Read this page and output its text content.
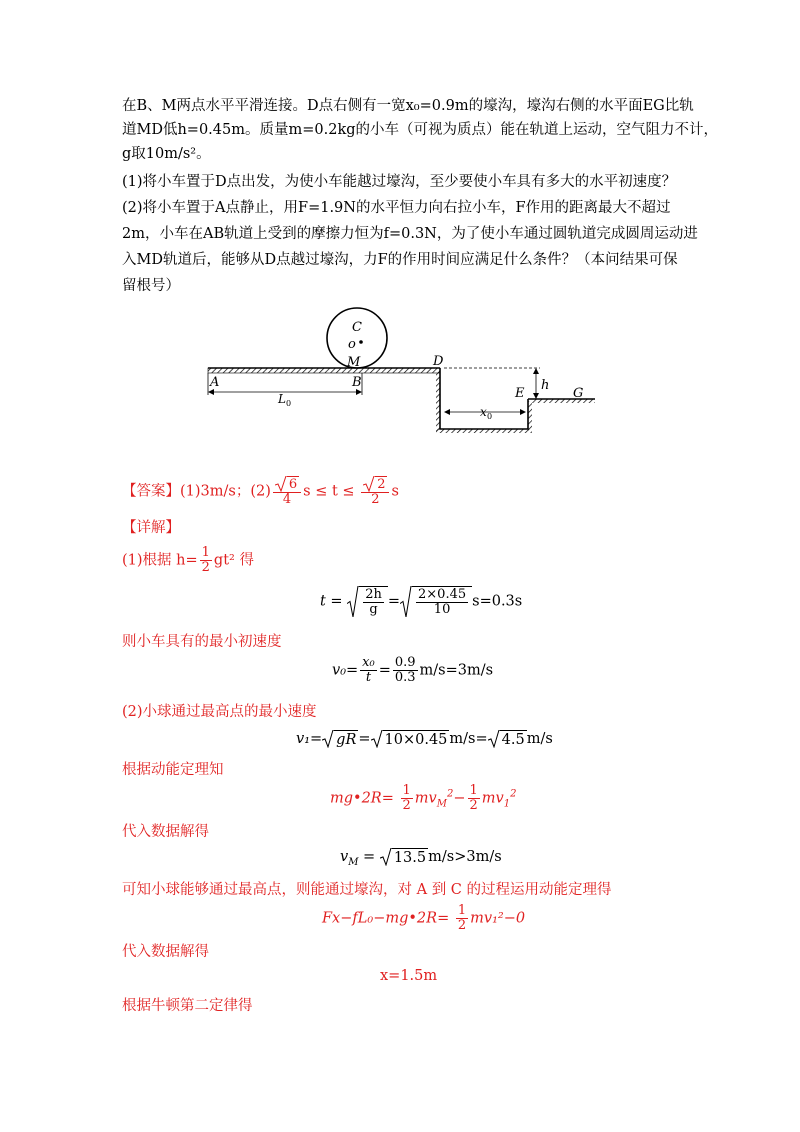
在B、M两点水平平滑连接。D点右侧有一宽x₀=0.9m的壕沟，壕沟右侧的水平面EG比轨
道MD低h=0.45m。质量m=0.2kg的小车（可视为质点）能在轨道上运动，空气阻力不计，
g取10m/s²。
(1)将小车置于D点出发，为使小车能越过壕沟，至少要使小车具有多大的水平初速度？
(2)将小车置于A点静止，用F=1.9N的水平恒力向右拉小车，F作用的距离最大不超过
2m，小车在AB轨道上受到的摩擦力恒为f=0.3N，为了使小车通过圆轨道完成圆周运动进
入MD轨道后，能够从D点越过壕沟，力F的作用时间应满足什么条件？（本问结果可保
留根号）
C
o
M
B
A
D
h
E	G
L 0
x 0
【答案】(1)3m/s；$(2) \frac{6}{4}$ $s \le t \le \frac{2}{2}$ s
【详解】
(1)根据 $h= \frac{1}{2} gt^2$ 得
$t = \frac{2h}{g} = \frac{2\times 0.45}{10} s=0.3s$
则小车具有的最小初速度
$v_0= \frac{\text{x₀}}{t} = \frac{0.9}{0.3} m/s=3m/s$
(2)小球通过最高点的最小速度
v₁= gR = 10×0.45 m/s= 4.5 m/s
根据动能定理知
mg•2R= $\frac{1}{2} mv_M^2- \frac{1}{2} mv_1^2$
代入数据解得
$v_M$ =
13.5 m/s>3m/s
可知小球能够通过最高点，则能通过壕沟，对 A 到 C 的过程运用动能定理得
Fx−fL₀−mg•2R= $\frac{1}{2} mv_1^2-0$
代入数据解得
x=1.5m
根据牛顿第二定律得
